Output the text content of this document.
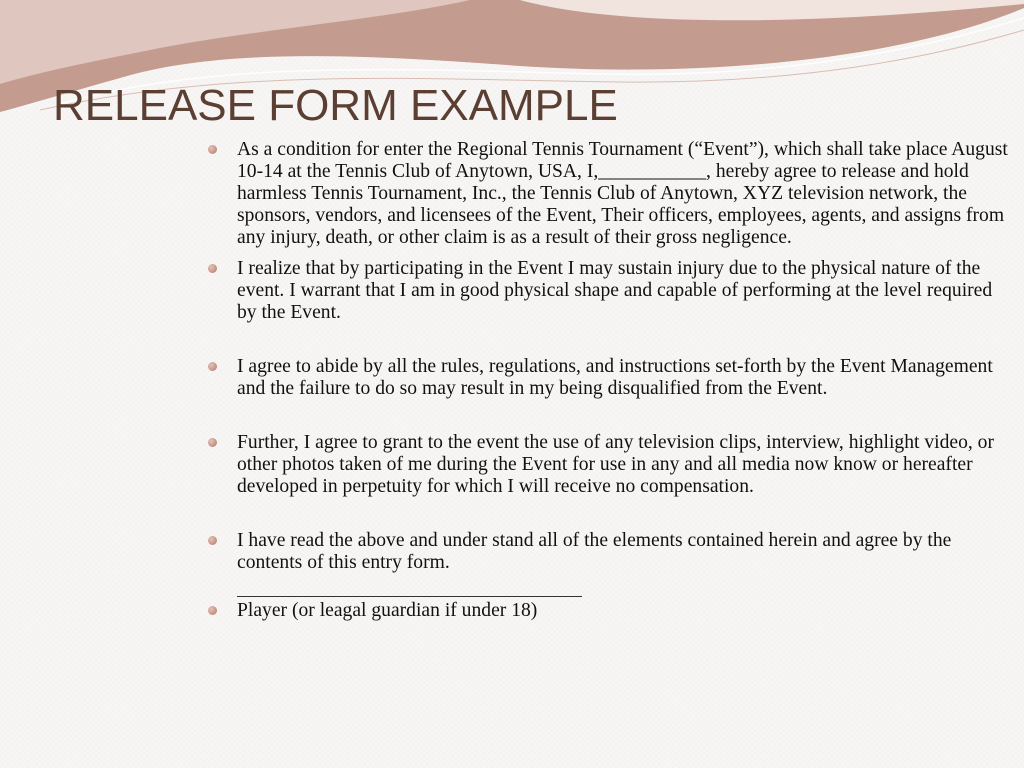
RELEASE FORM EXAMPLE
As a condition for enter the Regional Tennis Tournament (“Event”), which shall take place August 10-14 at the Tennis Club of Anytown, USA, I,___________, hereby agree to release and hold harmless Tennis Tournament, Inc., the Tennis Club of Anytown, XYZ television network, the sponsors, vendors, and licensees of the Event, Their officers, employees, agents, and assigns from any injury, death, or other claim is as a result of their gross negligence.
I realize that by participating in the Event I may sustain injury due to the physical nature of the event. I warrant that I am in good physical shape and capable of performing at the level required by the Event.
I agree to abide by all the rules, regulations, and instructions set-forth by the Event Management and the failure to do so may result in my being disqualified from the Event.
Further, I agree to grant to the event the use of any television clips, interview, highlight video, or other photos taken of me during the Event for use in any and all media now know or hereafter developed in perpetuity for which I will receive no compensation.
I have read the above and under stand all of the elements contained herein and agree by the contents of this entry form.
Player (or leagal guardian if under 18)
